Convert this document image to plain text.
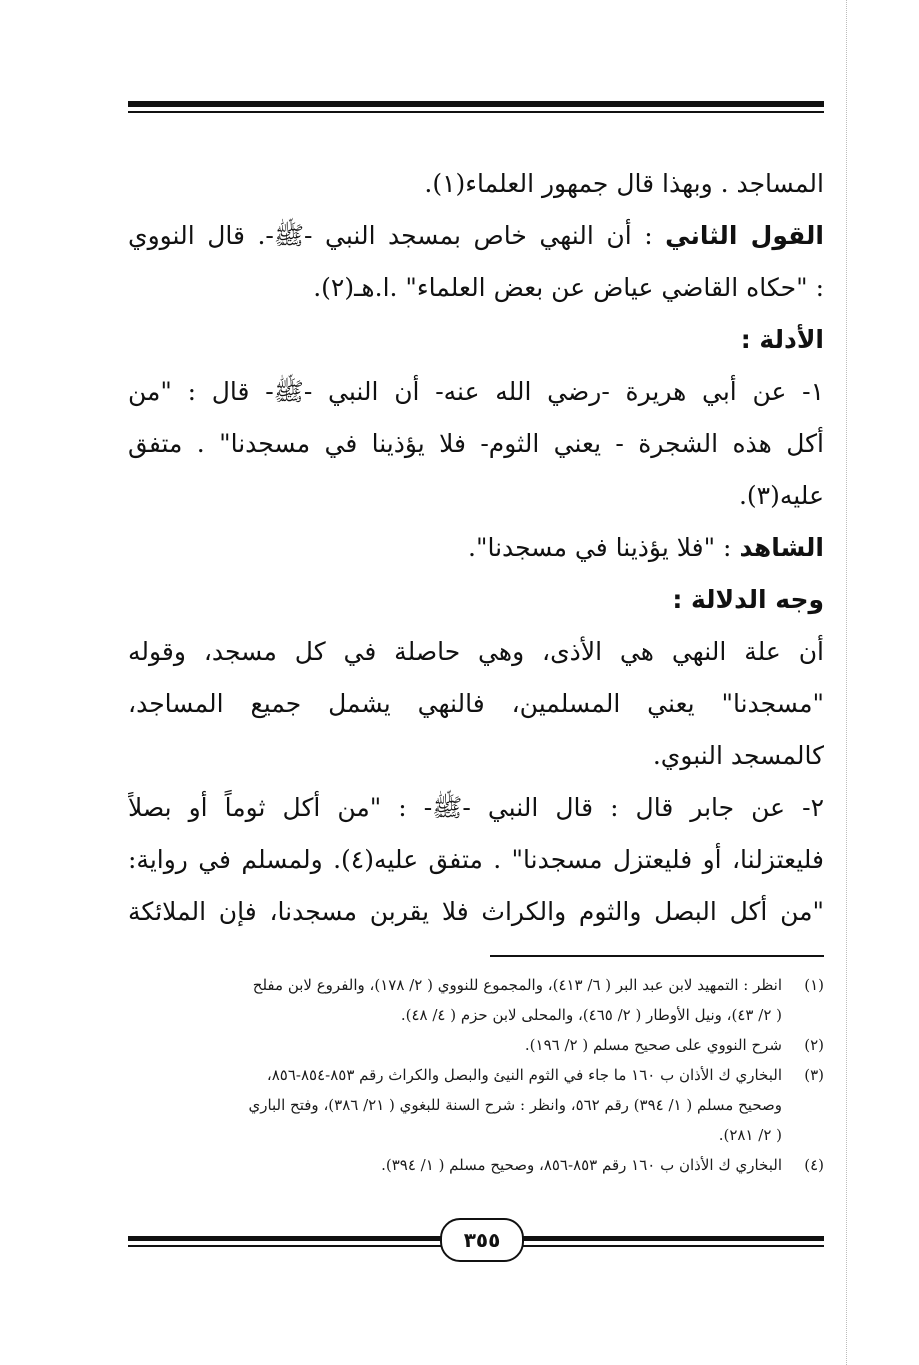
المساجد . وبهذا قال جمهور العلماء(١).
القول الثاني : أن النهي خاص بمسجد النبي -ﷺ-. قال النووي
: "حكاه القاضي عياض عن بعض العلماء" .ا.هـ(٢).
الأدلة :
١- عن أبي هريرة -رضي الله عنه- أن النبي -ﷺ- قال : "من
أكل هذه الشجرة - يعني الثوم- فلا يؤذينا في مسجدنا" . متفق
عليه(٣).
الشاهد : "فلا يؤذينا في مسجدنا".
وجه الدلالة :
أن علة النهي هي الأذى، وهي حاصلة في كل مسجد، وقوله
"مسجدنا" يعني المسلمين، فالنهي يشمل جميع المساجد،
كالمسجد النبوي.
٢- عن جابر قال : قال النبي -ﷺ- : "من أكل ثوماً أو بصلاً
فليعتزلنا، أو فليعتزل مسجدنا" . متفق عليه(٤). ولمسلم في رواية:
"من أكل البصل والثوم والكراث فلا يقربن مسجدنا، فإن الملائكة
(١)
انظر : التمهيد لابن عبد البر ( ٦/ ٤١٣)، والمجموع للنووي ( ٢/ ١٧٨)، والفروع لابن مفلح
( ٢/ ٤٣)، ونيل الأوطار ( ٢/ ٤٦٥)، والمحلى لابن حزم ( ٤/ ٤٨).
(٢)
شرح النووي على صحيح مسلم ( ٢/ ١٩٦).
(٣)
البخاري ك الأذان ب ١٦٠ ما جاء في الثوم النيئ والبصل والكراث رقم ٨٥٣-٨٥٤-٨٥٦،
وصحيح مسلم ( ١/ ٣٩٤) رقم ٥٦٢، وانظر : شرح السنة للبغوي ( ٢١/ ٣٨٦)، وفتح الباري
( ٢/ ٢٨١).
(٤)
البخاري ك الأذان ب ١٦٠ رقم ٨٥٣-٨٥٦، وصحيح مسلم ( ١/ ٣٩٤).
٣٥٥
